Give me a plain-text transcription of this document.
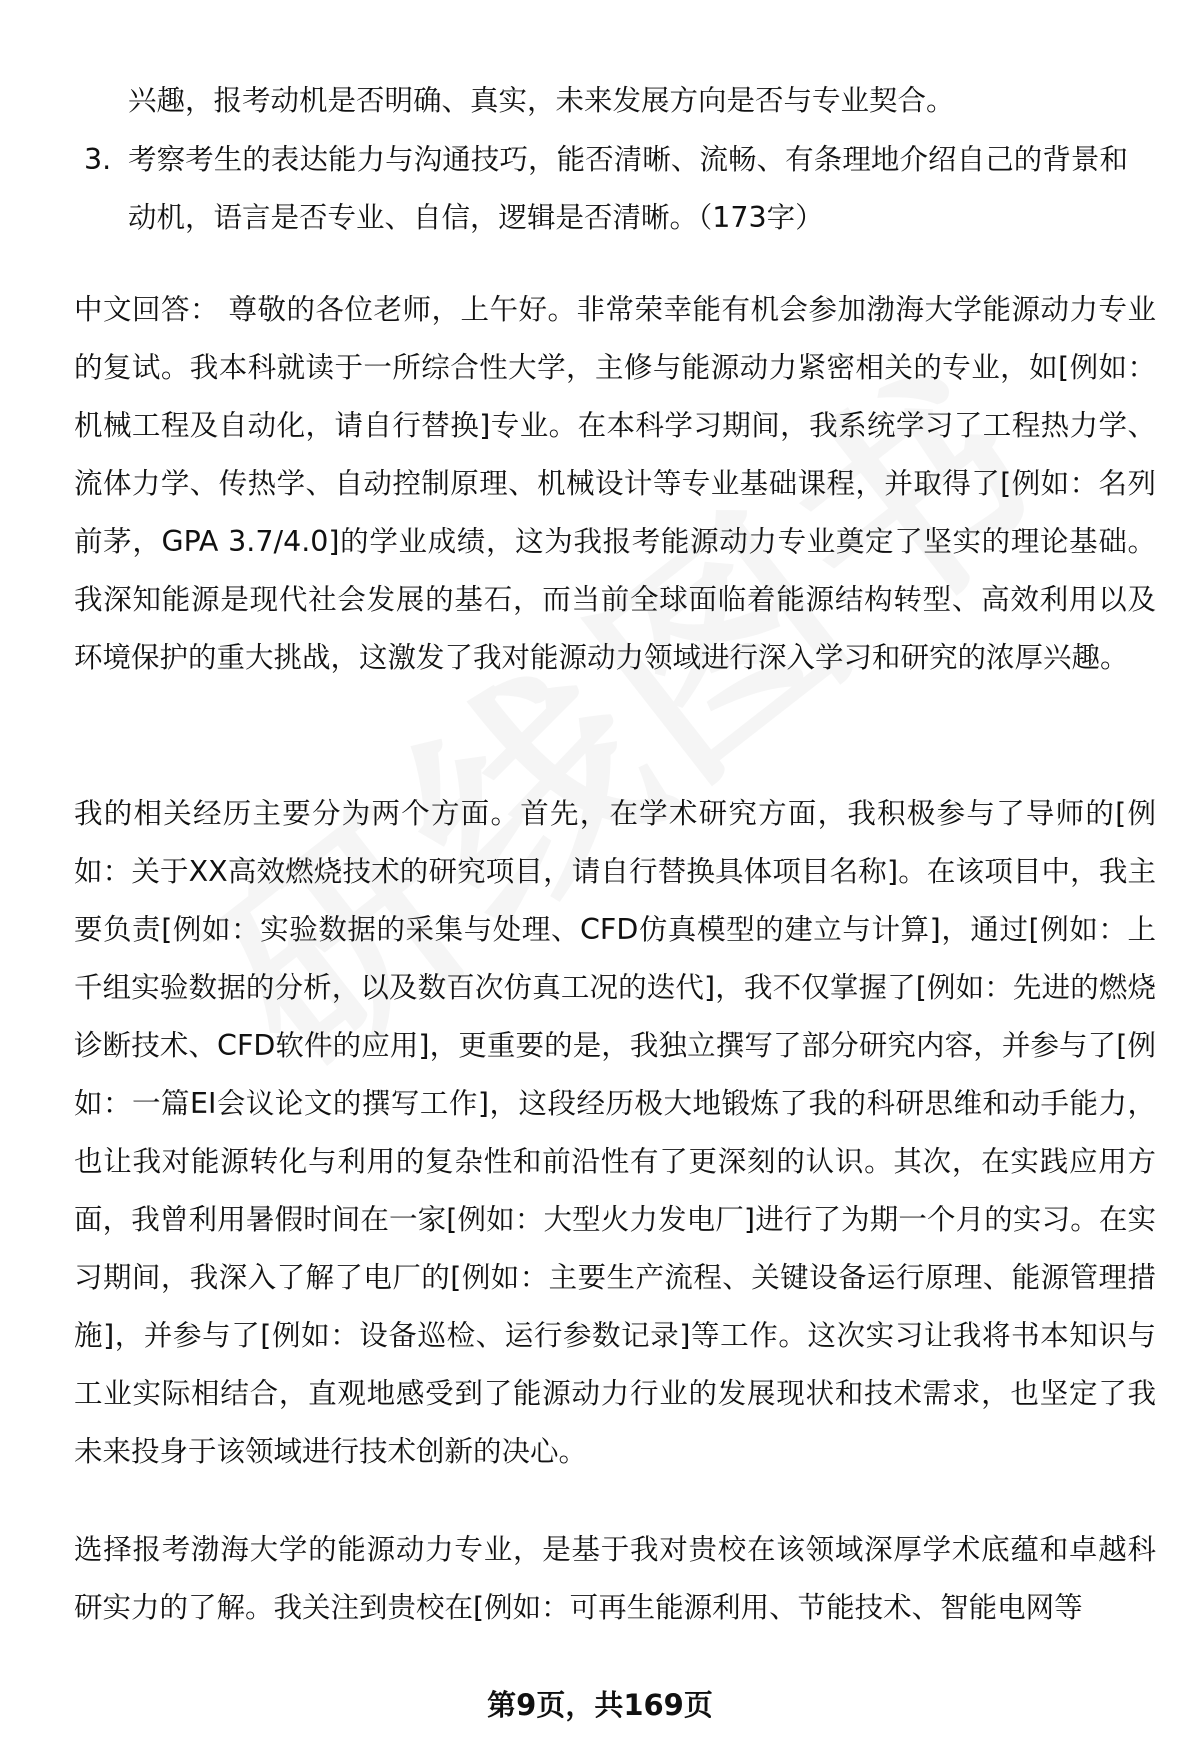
兴趣，报考动机是否明确、真实，未来发展方向是否与专业契合。
3. 考察考生的表达能力与沟通技巧，能否清晰、流畅、有条理地介绍自己的背景和动机，语言是否专业、自信，逻辑是否清晰。（173字）
中文回答： 尊敬的各位老师，上午好。非常荣幸能有机会参加渤海大学能源动力专业的复试。我本科就读于一所综合性大学，主修与能源动力紧密相关的专业，如[例如：机械工程及自动化，请自行替换]专业。在本科学习期间，我系统学习了工程热力学、流体力学、传热学、自动控制原理、机械设计等专业基础课程，并取得了[例如：名列前茅，GPA 3.7/4.0]的学业成绩，这为我报考能源动力专业奠定了坚实的理论基础。我深知能源是现代社会发展的基石，而当前全球面临着能源结构转型、高效利用以及环境保护的重大挑战，这激发了我对能源动力领域进行深入学习和研究的浓厚兴趣。
我的相关经历主要分为两个方面。首先，在学术研究方面，我积极参与了导师的[例如：关于XX高效燃烧技术的研究项目，请自行替换具体项目名称]。在该项目中，我主要负责[例如：实验数据的采集与处理、CFD仿真模型的建立与计算]，通过[例如：上千组实验数据的分析，以及数百次仿真工况的迭代]，我不仅掌握了[例如：先进的燃烧诊断技术、CFD软件的应用]，更重要的是，我独立撰写了部分研究内容，并参与了[例如：一篇EI会议论文的撰写工作]，这段经历极大地锻炼了我的科研思维和动手能力，也让我对能源转化与利用的复杂性和前沿性有了更深刻的认识。其次，在实践应用方面，我曾利用暑假时间在一家[例如：大型火力发电厂]进行了为期一个月的实习。在实习期间，我深入了解了电厂的[例如：主要生产流程、关键设备运行原理、能源管理措施]，并参与了[例如：设备巡检、运行参数记录]等工作。这次实习让我将书本知识与工业实际相结合，直观地感受到了能源动力行业的发展现状和技术需求，也坚定了我未来投身于该领域进行技术创新的决心。
选择报考渤海大学的能源动力专业，是基于我对贵校在该领域深厚学术底蕴和卓越科研实力的了解。我关注到贵校在[例如：可再生能源利用、节能技术、智能电网等
第9页，共169页
